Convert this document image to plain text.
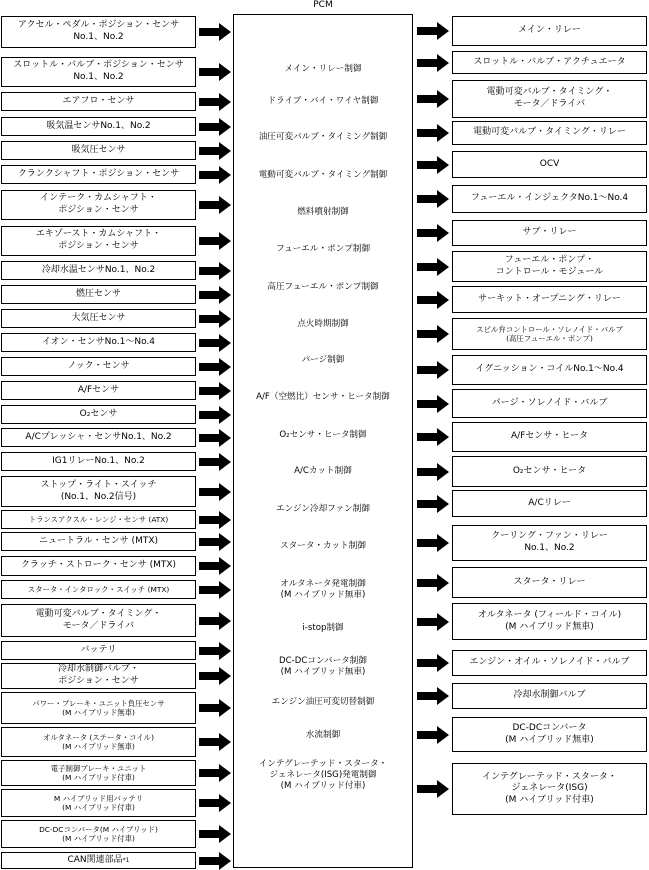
PCM
アクセル・ペダル・ポジション・センサ
No.1、No.2
スロットル・バルブ・ポジション・センサ
No.1、No.2
エアフロ・センサ
吸気温センサNo.1、No.2
吸気圧センサ
クランクシャフト・ポジション・センサ
インテーク・カムシャフト・
ポジション・センサ
エキゾースト・カムシャフト・
ポジション・センサ
冷却水温センサNo.1、No.2
燃圧センサ
大気圧センサ
イオン・センサNo.1〜No.4
ノック・センサ
A/Fセンサ
O₂センサ
A/Cプレッシャ・センサNo.1、No.2
IG1リレーNo.1、No.2
ストップ・ライト・スイッチ
(No.1、No.2信号)
トランスアクスル・レンジ・センサ (ATX)
ニュートラル・センサ (MTX)
クラッチ・ストローク・センサ (MTX)
スタータ・インタロック・スイッチ (MTX)
電動可変バルブ・タイミング・
モータ／ドライバ
バッテリ
冷却水制御バルブ・
ポジション・センサ
パワー・ブレーキ・ユニット負圧センサ
(M ハイブリッド無車)
オルタネータ (ステータ・コイル)
(M ハイブリッド無車)
電子制御ブレーキ・ユニット
(M ハイブリッド付車)
M ハイブリッド用バッテリ
(M ハイブリッド付車)
DC-DCコンバータ(M ハイブリッド)
(M ハイブリッド付車)
CAN関連部品 *1
メイン・リレー制御
ドライブ・バイ・ワイヤ制御
油圧可変バルブ・タイミング制御
電動可変バルブ・タイミング制御
燃料噴射制御
フューエル・ポンプ制御
高圧フューエル・ポンプ制御
点火時期制御
パージ制御
A/F（空燃比）センサ・ヒータ制御
O₂センサ・ヒータ制御
A/Cカット制御
エンジン冷却ファン制御
スタータ・カット制御
オルタネータ発電制御
(M ハイブリッド無車)
i-stop制御
DC-DCコンバータ制御
(M ハイブリッド無車)
エンジン油圧可変切替制御
水流制御
インテグレーテッド・スタータ・
ジェネレータ(ISG)発電制御
(M ハイブリッド付車)
メイン・リレー
スロットル・バルブ・アクチュエータ
電動可変バルブ・タイミング・
モータ／ドライバ
電動可変バルブ・タイミング・リレー
OCV
フューエル・インジェクタNo.1〜No.4
サブ・リレー
フューエル・ポンプ・
コントロール・モジュール
サーキット・オープニング・リレー
スピル弁コントロール・ソレノイド・バルブ
(高圧フューエル・ポンプ)
イグニッション・コイルNo.1〜No.4
パージ・ソレノイド・バルブ
A/Fセンサ・ヒータ
O₂センサ・ヒータ
A/Cリレー
クーリング・ファン・リレー
No.1、No.2
スタータ・リレー
オルタネータ (フィールド・コイル)
(M ハイブリッド無車)
エンジン・オイル・ソレノイド・バルブ
冷却水制御バルブ
DC-DCコンバータ
(M ハイブリッド無車)
インテグレーテッド・スタータ・
ジェネレータ(ISG)
(M ハイブリッド付車)
